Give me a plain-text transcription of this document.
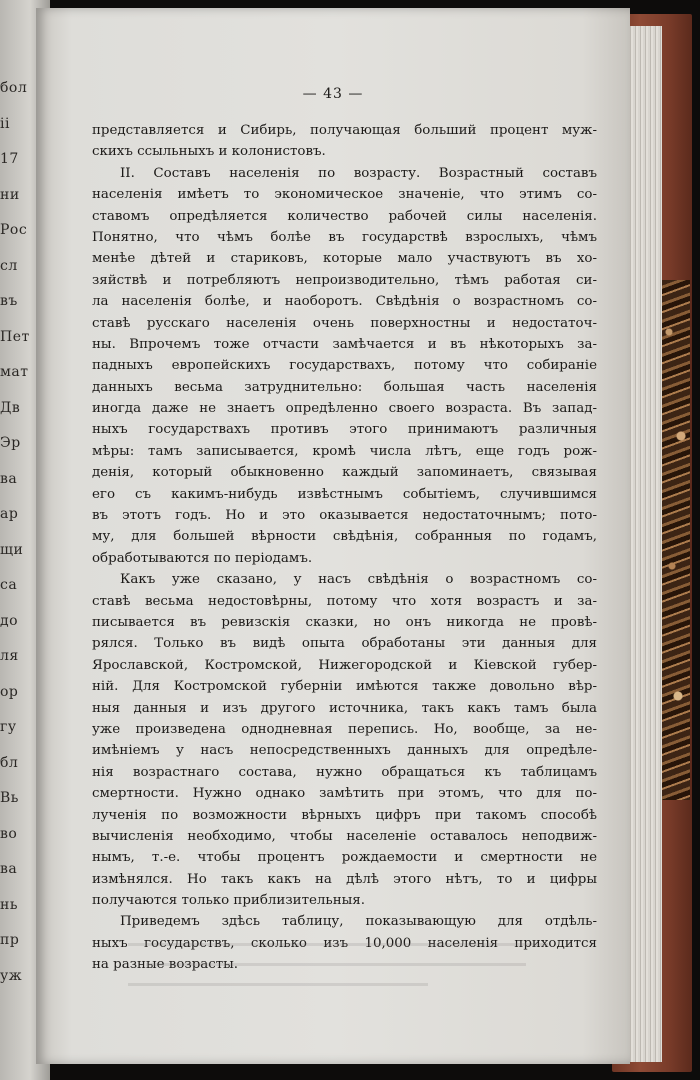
бол
ii
17
ни
Рос
сл
въ
Пет
мат
Дв
Эр
ва
ар
щи
са
до
ля
ор
гу
бл
Вь
во
ва
нь
пр
уж
— 43 —
представляется и Сибирь, получающая больший процент муж-
скихъ ссыльныхъ и колонистовъ.
II. Составъ населенія по возрасту. Возрастный составъ
населенія имѣетъ то экономическое значеніе, что этимъ со-
ставомъ опредѣляется количество рабочей силы населенія.
Понятно, что чѣмъ болѣе въ государствѣ взрослыхъ, чѣмъ
менѣе дѣтей и стариковъ, которые мало участвуютъ въ хо-
зяйствѣ и потребляютъ непроизводительно, тѣмъ работая си-
ла населенія болѣе, и наоборотъ. Свѣдѣнія о возрастномъ со-
ставѣ русскаго населенія очень поверхностны и недостаточ-
ны. Впрочемъ тоже отчасти замѣчается и въ нѣкоторыхъ за-
падныхъ европейскихъ государствахъ, потому что собираніе
данныхъ весьма затруднительно: большая часть населенія
иногда даже не знаетъ опредѣленно своего возраста. Въ запад-
ныхъ государствахъ противъ этого принимаютъ различныя
мѣры: тамъ записывается, кромѣ числа лѣтъ, еще годъ рож-
денія, который обыкновенно каждый запоминаетъ, связывая
его съ какимъ-нибудь извѣстнымъ событіемъ, случившимся
въ этотъ годъ. Но и это оказывается недостаточнымъ; пото-
му, для большей вѣрности свѣдѣнія, собранныя по годамъ,
обработываются по періодамъ.
Какъ уже сказано, у насъ свѣдѣнія о возрастномъ со-
ставѣ весьма недостовѣрны, потому что хотя возрастъ и за-
писывается въ ревизскія сказки, но онъ никогда не провѣ-
рялся. Только въ видѣ опыта обработаны эти данныя для
Ярославской, Костромской, Нижегородской и Кіевской губер-
ній. Для Костромской губерніи имѣются также довольно вѣр-
ныя данныя и изъ другого источника, такъ какъ тамъ была
уже произведена однодневная перепись. Но, вообще, за не-
имѣніемъ у насъ непосредственныхъ данныхъ для опредѣле-
нія возрастнаго состава, нужно обращаться къ таблицамъ
смертности. Нужно однако замѣтить при этомъ, что для по-
лученія по возможности вѣрныхъ цифръ при такомъ способѣ
вычисленія необходимо, чтобы населеніе оставалось неподвиж-
нымъ, т.-е. чтобы процентъ рождаемости и смертности не
измѣнялся. Но такъ какъ на дѣлѣ этого нѣтъ, то и цифры
получаются только приблизительныя.
Приведемъ здѣсь таблицу, показывающую для отдѣль-
ныхъ государствъ, сколько изъ 10,000 населенія приходится
на разные возрасты.
